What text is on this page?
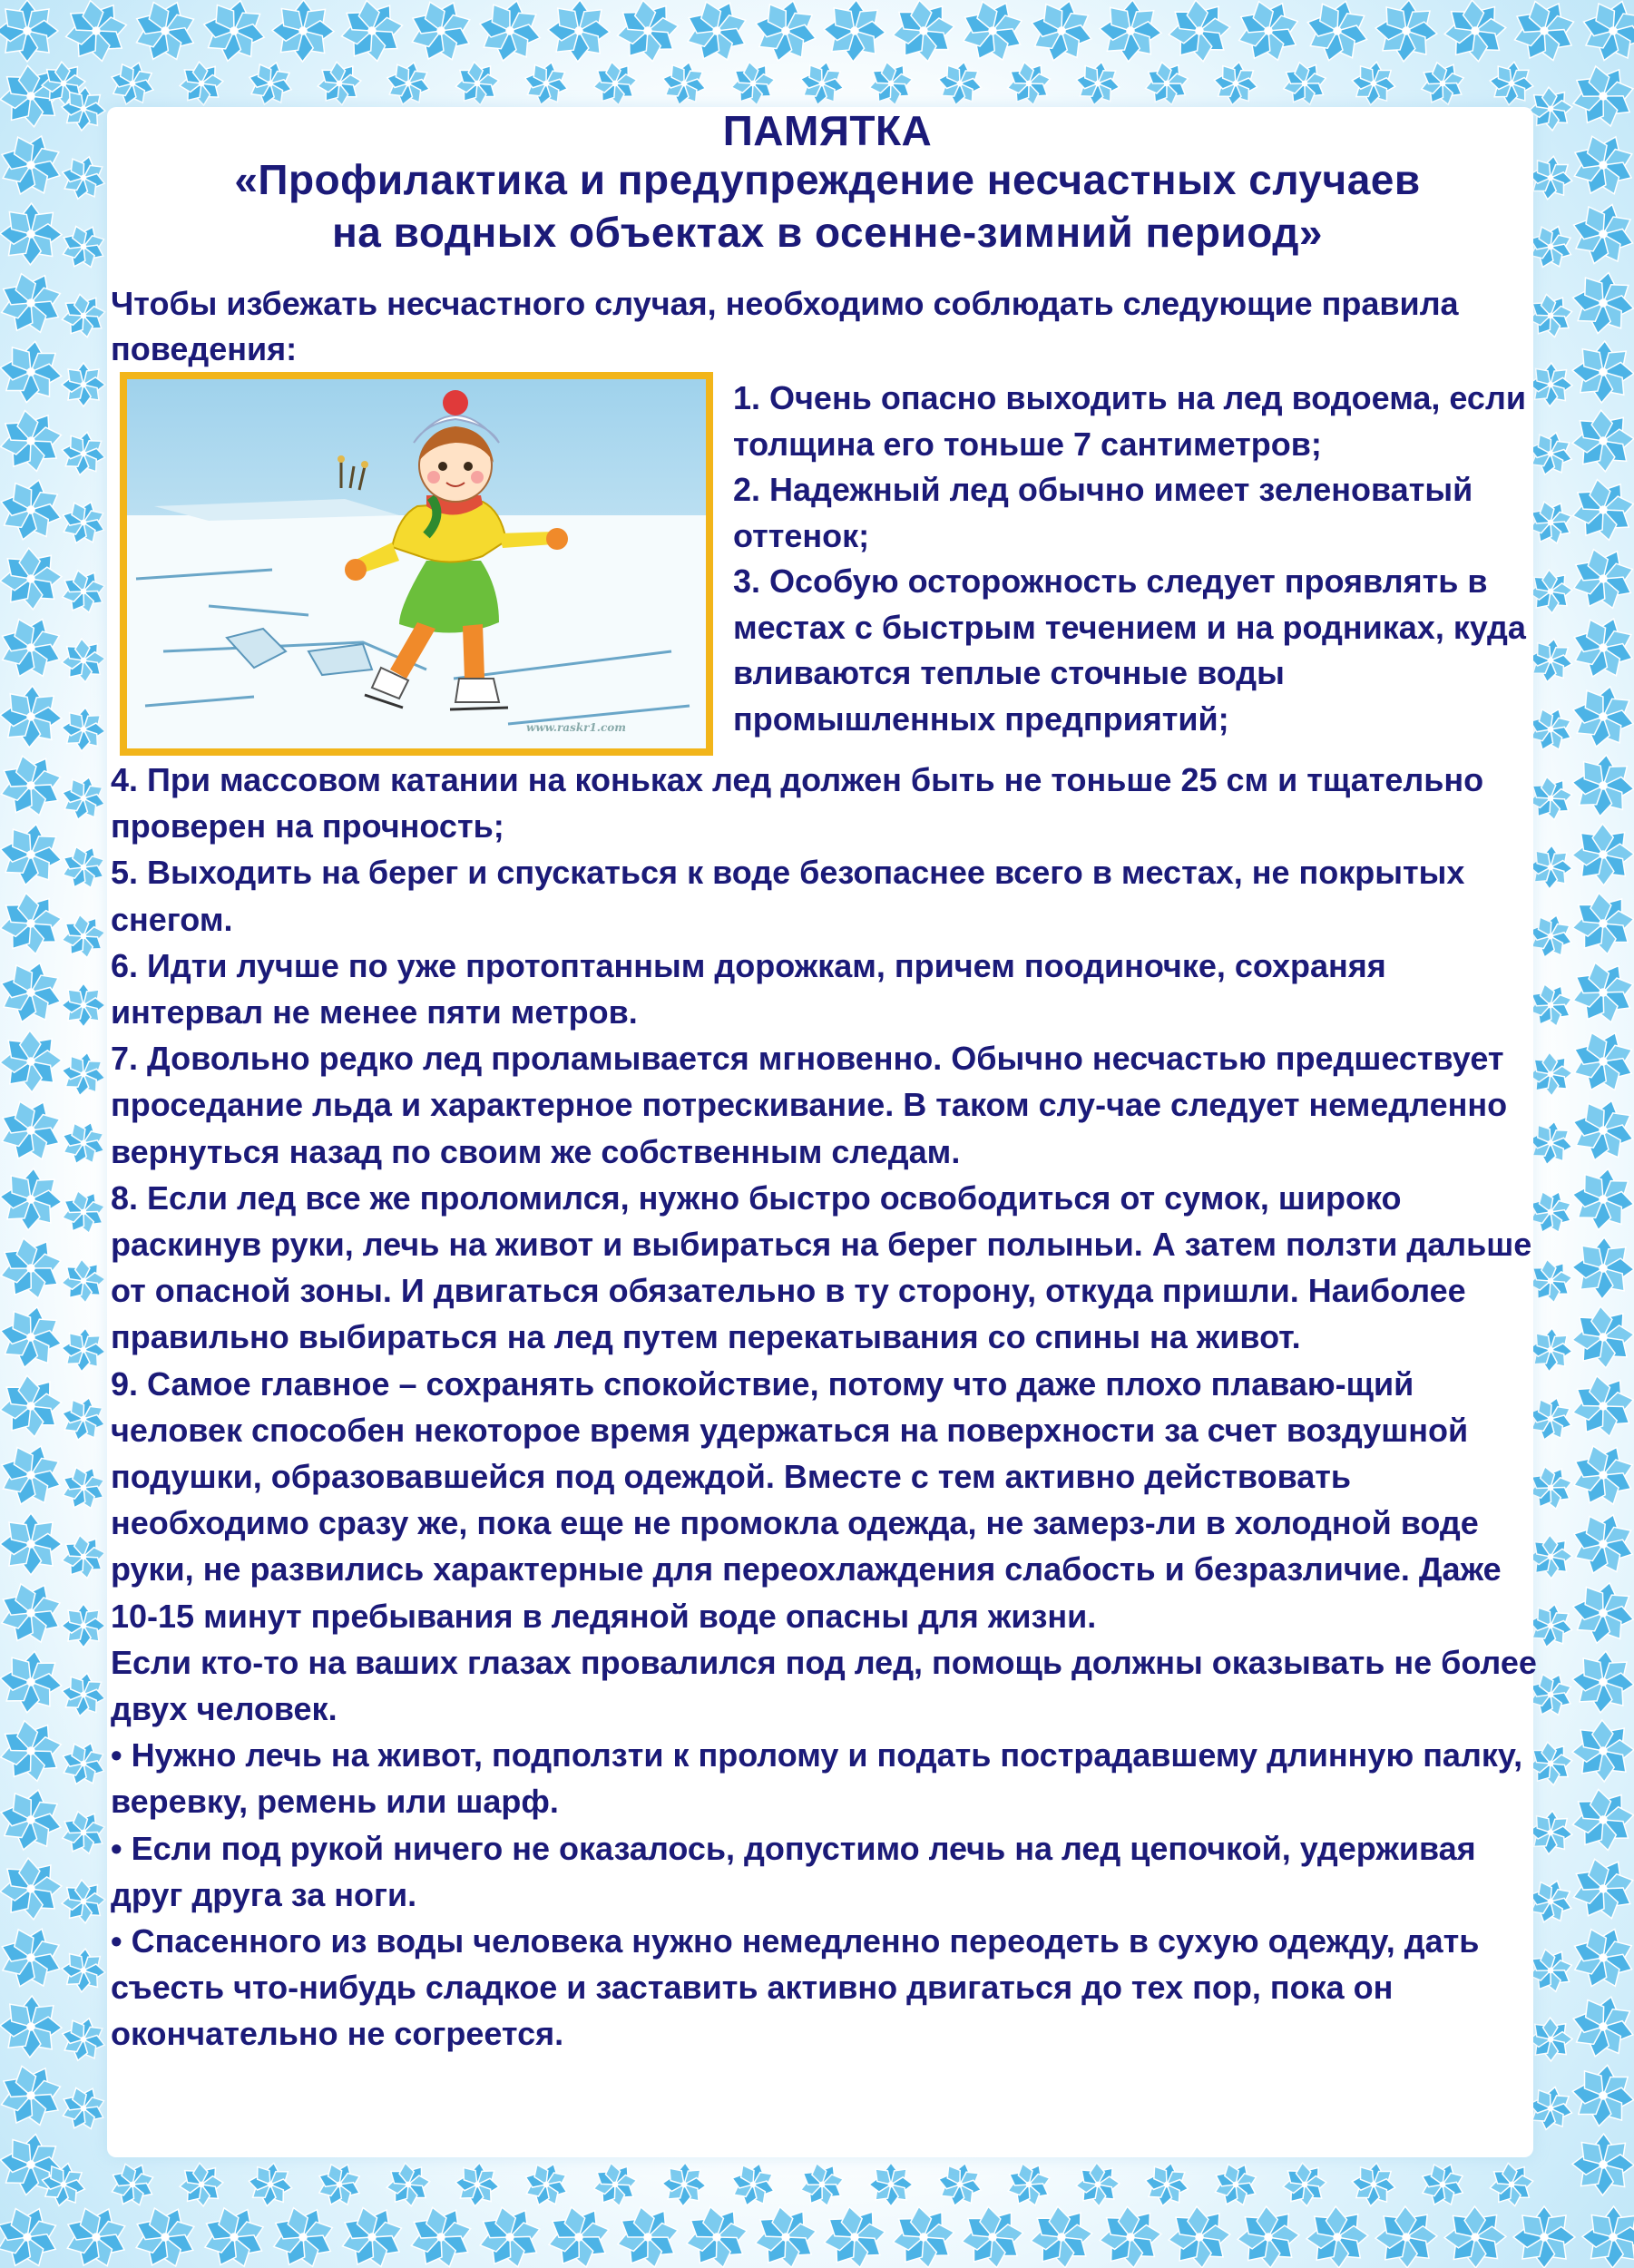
ПАМЯТКА
«Профилактика и предупреждение несчастных случаев
на водных объектах в осенне-зимний период»
Чтобы избежать несчастного случая, необходимо соблюдать следующие правила поведения:
www.raskr1.com

1. Очень опасно выходить на лед водоема, если толщина его тоньше 7 сантиметров;

2. Надежный лед обычно имеет зеленоватый оттенок;

3. Особую осторожность следует проявлять в местах с быстрым течением и на родниках, куда вливаются теплые сточные воды промышленных предприятий;

4. При массовом катании на коньках лед должен быть не тоньше 25 см и тщательно проверен на прочность;

5. Выходить на берег и спускаться к воде безопаснее всего в местах, не покрытых снегом.

6. Идти лучше по уже протоптанным дорожкам, причем поодиночке, сохраняя интервал не менее пяти метров.

7. Довольно редко лед проламывается мгновенно. Обычно несчастью предшествует проседание льда и характерное потрескивание. В таком слу-чае следует немедленно вернуться назад по своим же собственным следам.

8. Если лед все же проломился, нужно быстро освободиться от сумок, широко раскинув руки, лечь на живот и выбираться на берег полыньи. А затем ползти дальше от опасной зоны. И двигаться обязательно в ту сторону, откуда пришли. Наиболее правильно выбираться на лед путем перекатывания со спины на живот.

9. Самое главное – сохранять спокойствие, потому что даже плохо плаваю-щий человек способен некоторое время удержаться на поверхности за счет воздушной подушки, образовавшейся под одеждой. Вместе с тем активно действовать необходимо сразу же, пока еще не промокла одежда, не замерз-ли в холодной воде руки, не развились характерные для переохлаждения слабость и безразличие. Даже 10-15 минут пребывания в ледяной воде опасны для жизни.

Если кто-то на ваших глазах провалился под лед, помощь должны оказывать не более двух человек.

• Нужно лечь на живот, подползти к пролому и подать пострадавшему длинную палку, веревку, ремень или шарф.

• Если под рукой ничего не оказалось, допустимо лечь на лед цепочкой, удерживая друг друга за ноги.

• Спасенного из воды человека нужно немедленно переодеть в сухую одежду, дать съесть что-нибудь сладкое и заставить активно двигаться до тех пор, пока он окончательно не согреется.
